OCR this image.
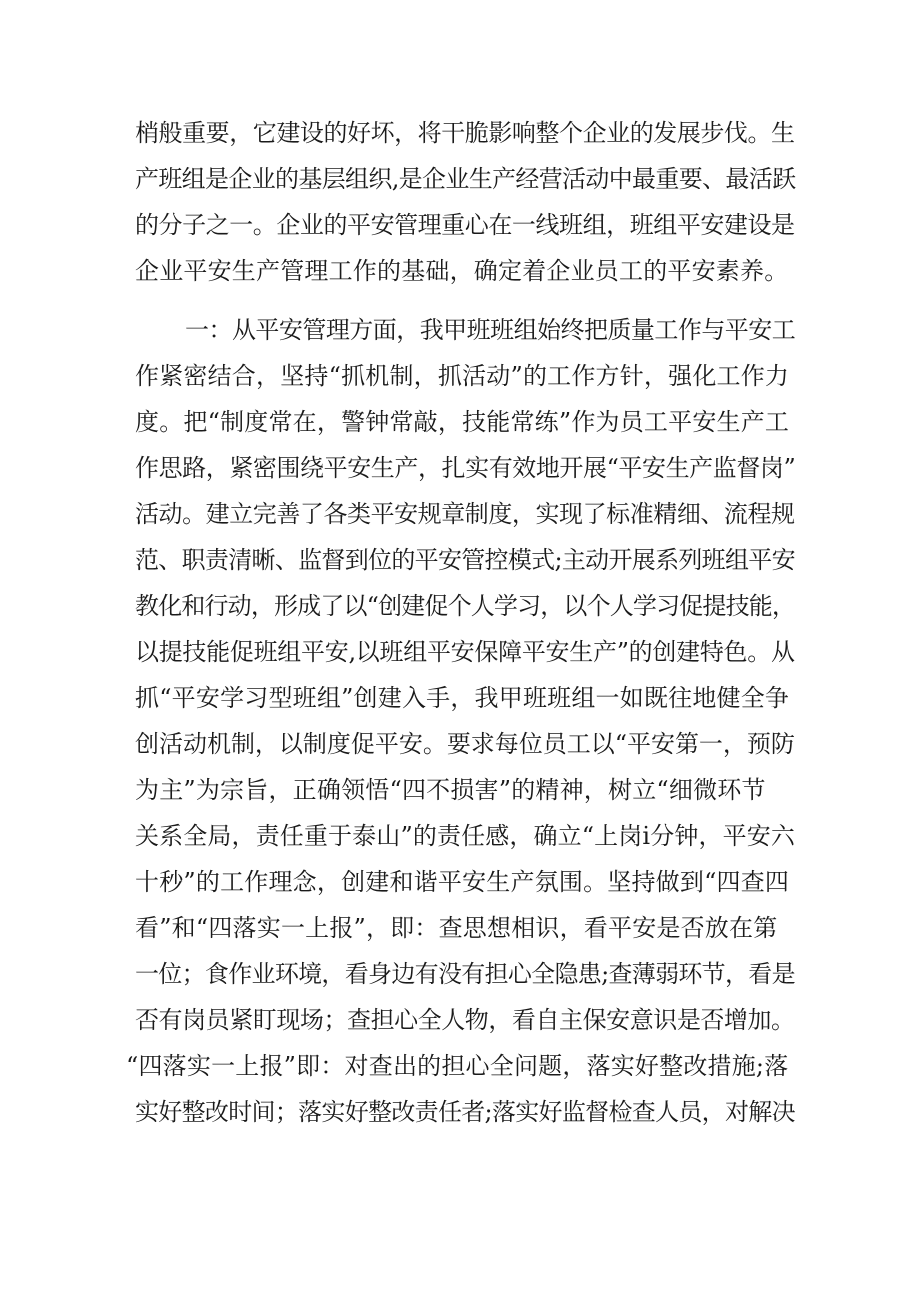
梢般重要，它建设的好坏，将干脆影响整个企业的发展步伐。生
产班组是企业的基层组织,是企业生产经营活动中最重要、最活跃
的分子之一。企业的平安管理重心在一线班组，班组平安建设是
企业平安生产管理工作的基础，确定着企业员工的平安素养。
一：从平安管理方面，我甲班班组始终把质量工作与平安工
作紧密结合，坚持“抓机制，抓活动”的工作方针，强化工作力
度。把“制度常在，警钟常敲，技能常练”作为员工平安生产工
作思路，紧密围绕平安生产，扎实有效地开展“平安生产监督岗”
活动。建立完善了各类平安规章制度，实现了标准精细、流程规
范、职责清晰、监督到位的平安管控模式;主动开展系列班组平安
教化和行动，形成了以“创建促个人学习，以个人学习促提技能，
以提技能促班组平安,以班组平安保障平安生产”的创建特色。从
抓“平安学习型班组”创建入手，我甲班班组一如既往地健全争
创活动机制，以制度促平安。要求每位员工以“平安第一，预防
为主”为宗旨，正确领悟“四不损害”的精神，树立“细微环节
关系全局，责任重于泰山”的责任感，确立“上岗i分钟，平安六
十秒”的工作理念，创建和谐平安生产氛围。坚持做到“四查四
看”和“四落实一上报”，即：查思想相识，看平安是否放在第
一位；食作业环境，看身边有没有担心全隐患;查薄弱环节，看是
否有岗员紧盯现场；查担心全人物，看自主保安意识是否增加。
“四落实一上报”即：对查出的担心全问题，落实好整改措施;落
实好整改时间；落实好整改责任者;落实好监督检查人员，对解决
